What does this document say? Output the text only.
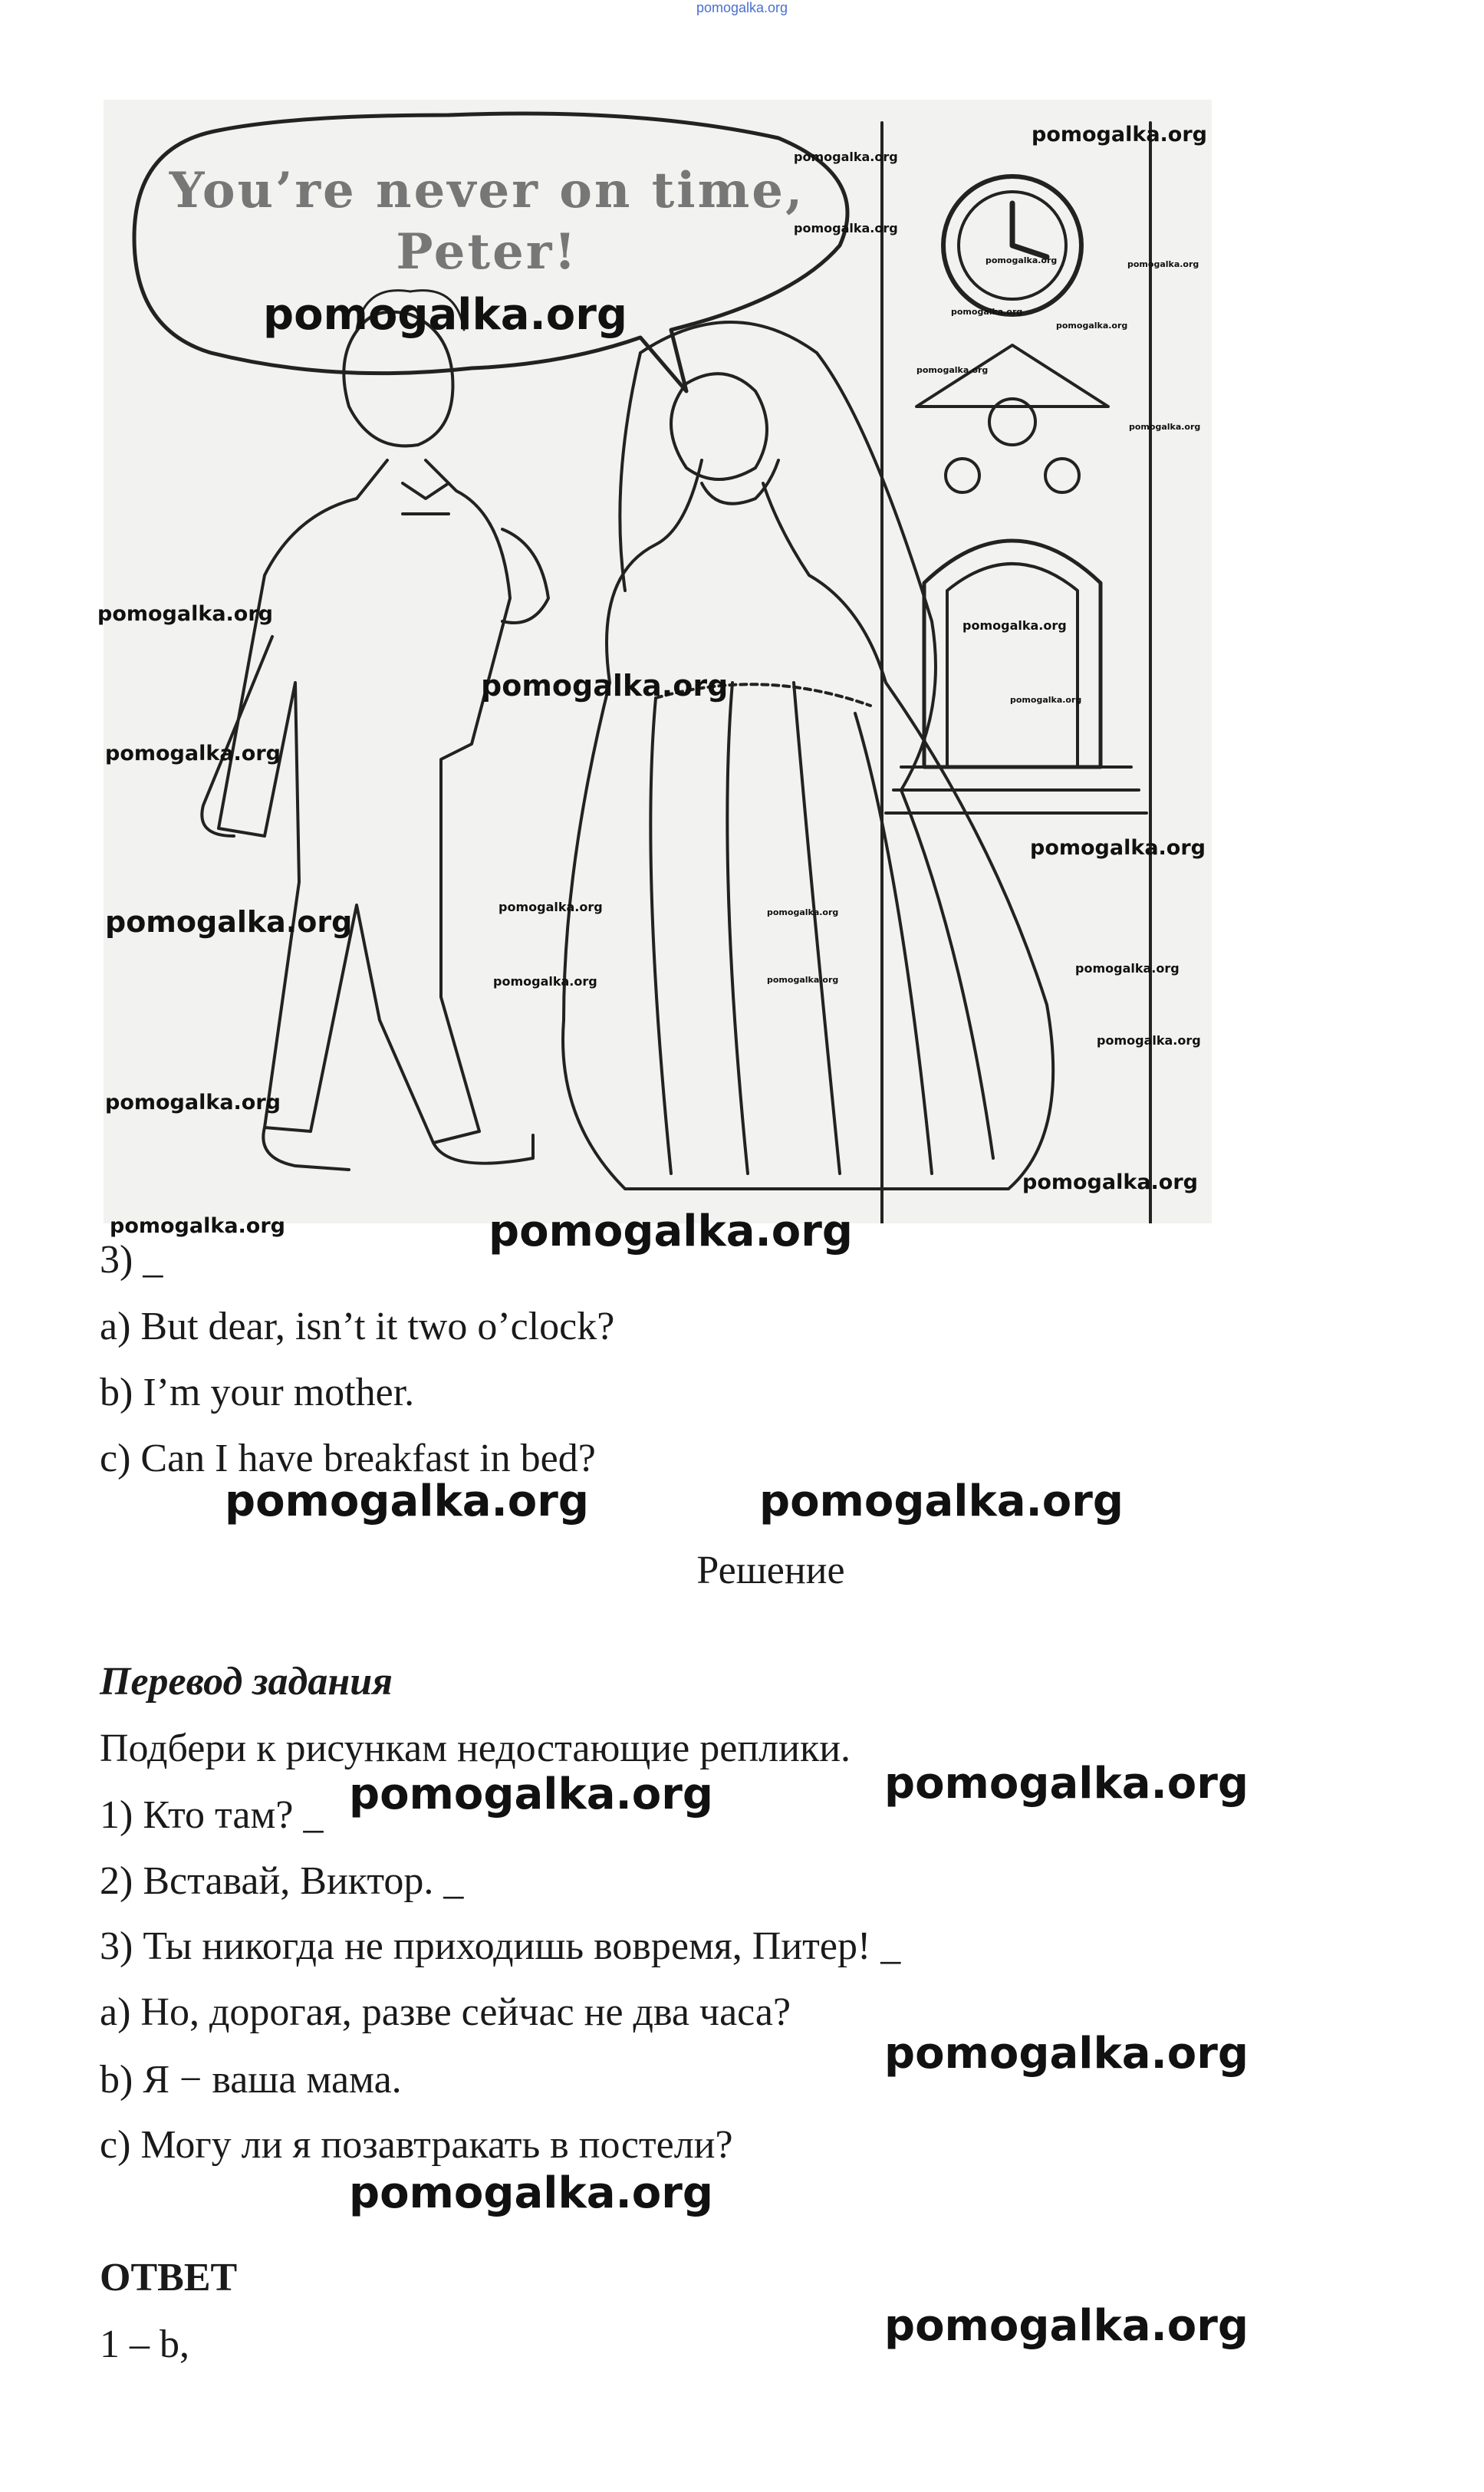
pomogalka.org
You’re never on time,
Peter!
pomogalka.org
pomogalka.org
pomogalka.org
pomogalka.org
pomogalka.org	pomogalka.org
pomogalka.org
pomogalka.org
pomogalka.org
pomogalka.org
pomogalka.org	pomogalka.org
pomogalka.org	pomogalka.org
pomogalka.org
pomogalka.org
pomogalka.org	pomogalka.org	pomogalka.org
pomogalka.org
pomogalka.org	pomogalka.org
pomogalka.org
pomogalka.org
pomogalka.org
pomogalka.org	pomogalka.org
3) _
a) But dear, isn’t it two o’clock?
b) I’m your mother.
c) Can I have breakfast in bed?
pomogalka.org	pomogalka.org
Решение
Перевод задания
Подбери к рисункам недостающие реплики.
1) Кто там? _ pomogalka.org	pomogalka.org
2) Вставай, Виктор. _
3) Ты никогда не приходишь вовремя, Питер! _
a) Но, дорогая, разве сейчас не два часа?
pomogalka.org
b) Я − ваша мама.
c) Могу ли я позавтракать в постели?
pomogalka.org
ОТВЕТ
1 – b,	pomogalka.org
